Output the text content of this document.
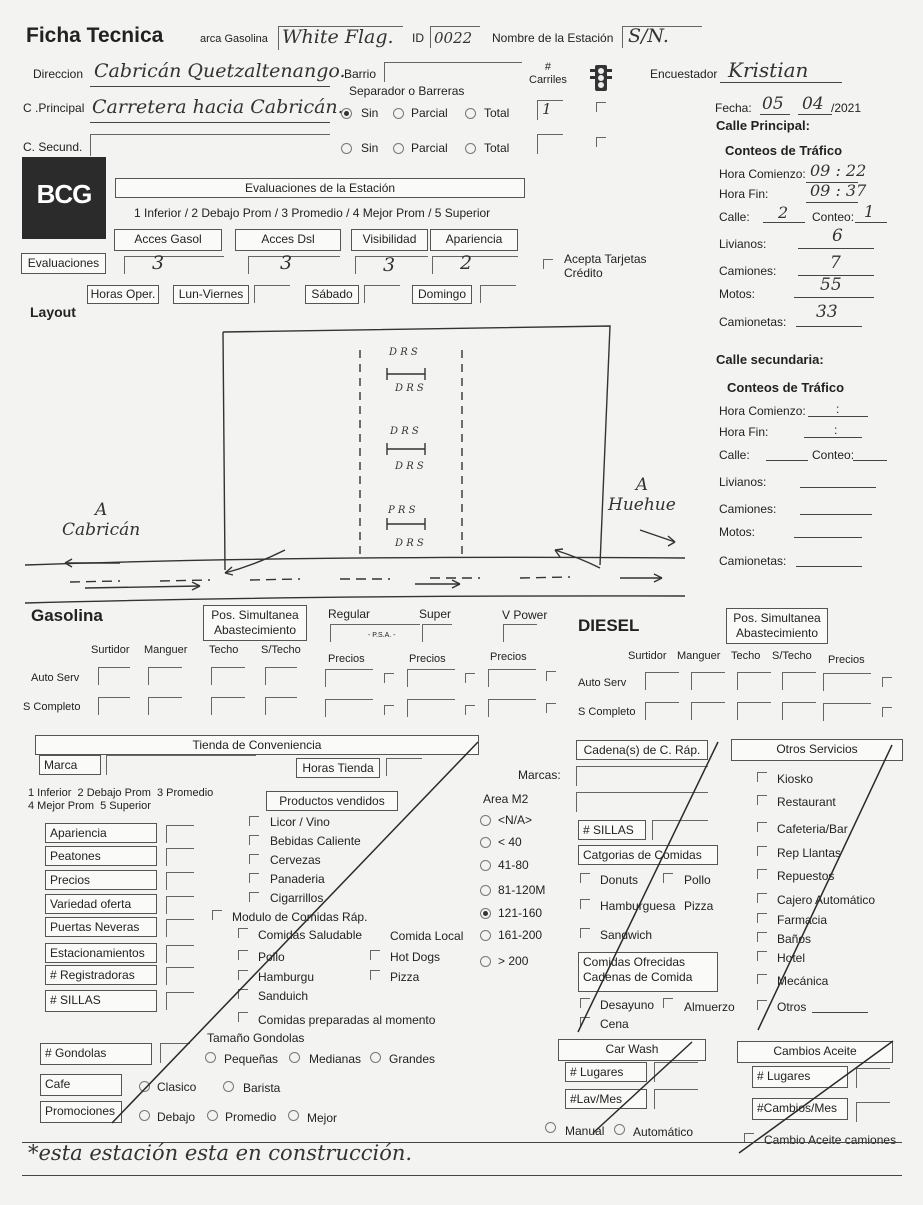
Ficha Tecnica	arca Gasolina White Flag. ID 0022 Nombre de la Estación S/N.
Direccion Cabricán Quetzaltenango.
Barrio	#
Carriles	Encuestador Kristian
Separador o Barreras
C .Principal Carretera hacia Cabricán. Sin	Parcial	Total 1
C. Secund.	Sin	Parcial	Total
Fecha: 05 04 /2021
BCG	Evaluaciones de la Estación
1 Inferior / 2 Debajo Prom / 3 Promedio / 4 Mejor Prom / 5 Superior
Acces Gasol	Acces Dsl	Visibilidad	Apariencia
Evaluaciones	3	3	3	2	Acepta Tarjetas
Crédito
Horas Oper.	Lun-Viernes	Sábado	Domingo
Layout
D R S
D R S
D R S
D R S
P R S
D R S
A
Cabricán
A
Huehue
Calle Principal:
Conteos de Tráfico
Hora Comienzo: 09 : 22
Hora Fin:	09 : 37
Calle: 2 Conteo: 1
Livianos:	6
Camiones:	7
Motos:	55
Camionetas: 33
Calle secundaria:
Conteos de Tráfico
Hora Comienzo:	:
Hora Fin:	:
Calle:	Conteo:
Livianos:
Camiones:
Motos:
Camionetas:
Gasolina	Pos. Simultanea
Abastecimiento
Regular	Super	V Power
- P.S.A. -
Surtidor Manguer Techo S/Techo
Precios	Precios	Precios
Auto Serv
S Completo
DIESEL	Pos. Simultanea
Abastecimiento
Surtidor Manguer Techo S/Techo Precios
Auto Serv
S Completo
Tienda de Conveniencia
Marca	Horas Tienda
1 Inferior  2 Debajo Prom  3 Promedio
4 Mejor Prom  5 Superior
Apariencia
Peatones
Precios
Variedad oferta
Puertas Neveras
Estacionamientos
# Registradoras
# SILLAS
Productos vendidos
Licor / Vino
Bebidas Caliente
Cervezas
Panaderia
Cigarrillos
Modulo de Comidas Ráp.
Comidas Saludable Comida Local
Pollo	Hot Dogs
Hamburgu	Pizza
Sanduich
Comidas preparadas al momento
# Gondolas
Tamaño Gondolas
Pequeñas	Medianas Grandes
Cafe	Clasico	Barista
Promociones	Debajo Promedio	Mejor
Marcas:
Area M2
<N/A>
< 40
41-80
81-120M
121-160
161-200
> 200
Cadena(s) de C. Ráp.
# SILLAS
Catgorias de Comidas
Donuts	Pollo
Hamburguesa Pizza
Sandwich
Comidas Ofrecidas
Cadenas de Comida
Desayuno Almuerzo
Cena
Otros Servicios
Kiosko
Restaurant
Cafeteria/Bar
Rep Llantas
Repuestos
Cajero Automático
Farmacia
Baños
Hotel
Mecánica
Otros
Car Wash
# Lugares
#Lav/Mes
Manual Automático
Cambios Aceite
# Lugares
#Cambios/Mes
Cambio Aceite camiones
*esta estación esta en construcción.
